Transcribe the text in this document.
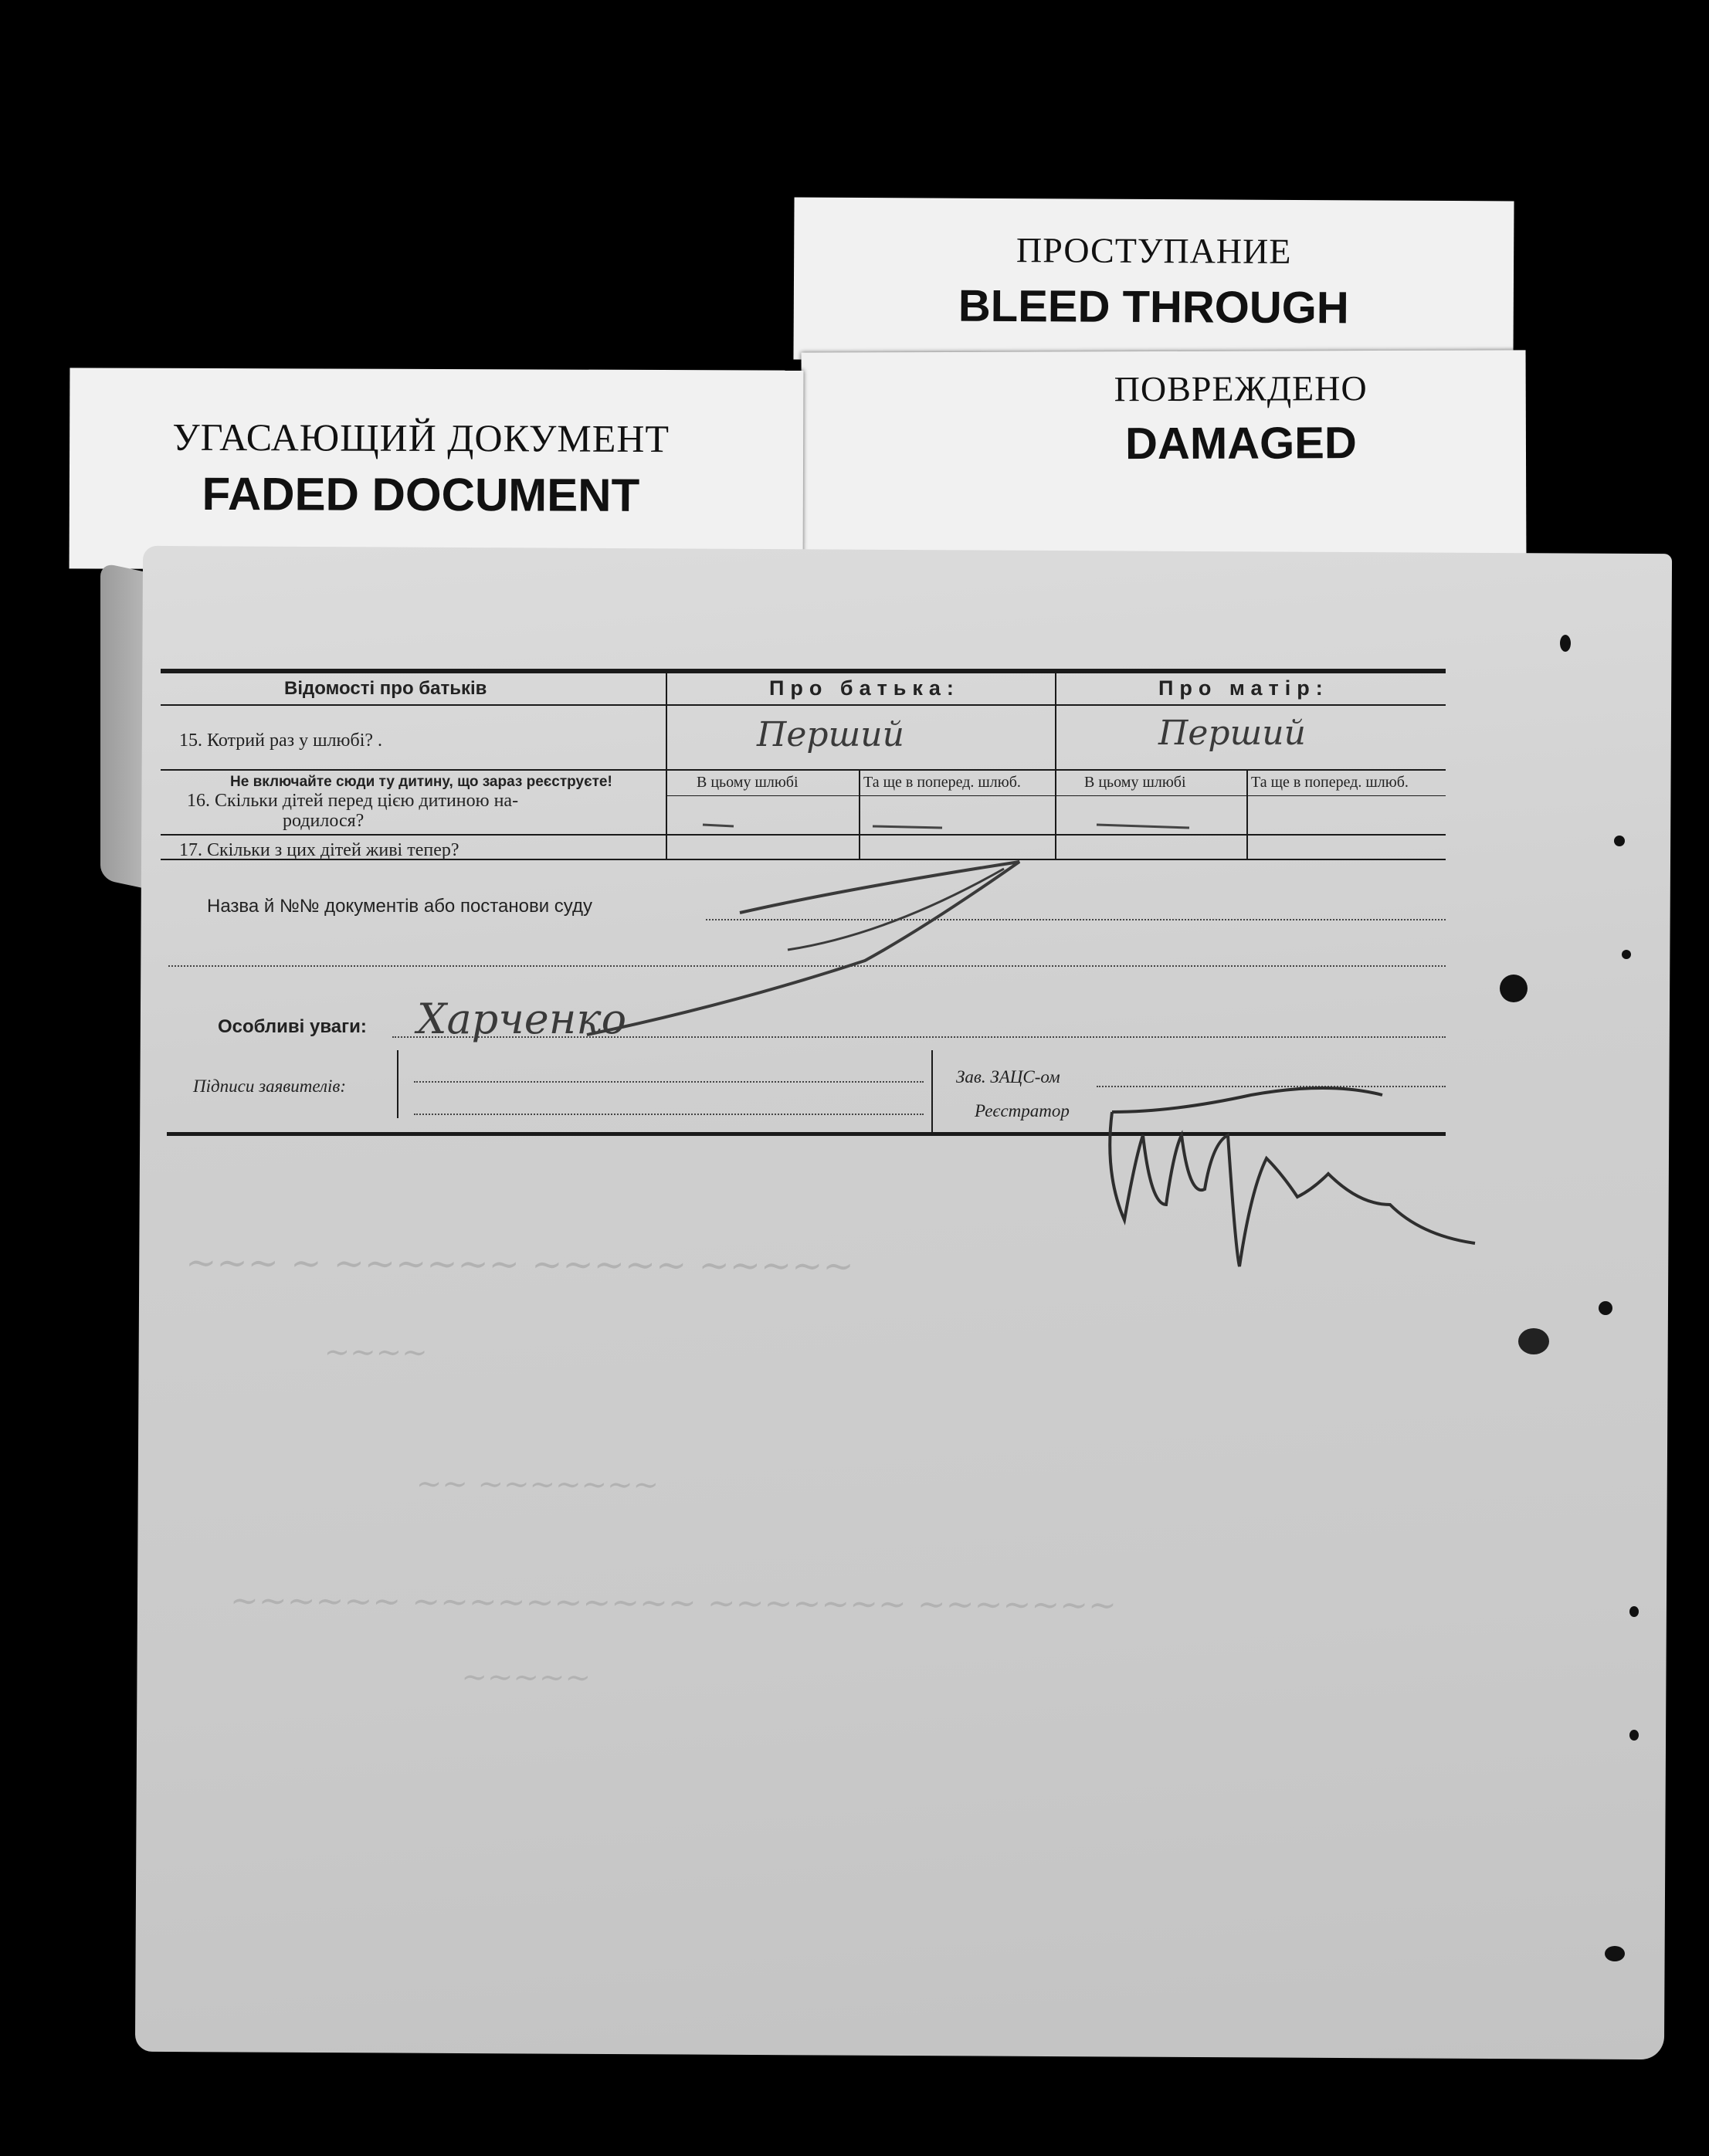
ПРОСТУПАНИЕ
BLEED THROUGH
ПОВРЕЖДЕНО
DAMAGED
УГАСАЮЩИЙ ДОКУМЕНТ
FADED DOCUMENT
~~~ ~ ~~~~~~ ~~~~~ ~~~~~
~~~~
~~ ~~~~~~~
~~~~~~ ~~~~~~~~~~ ~~~~~~~ ~~~~~~~
~~~~~
Відомості про батьків	Про батька:	Про матір:
15. Котрий раз у шлюбі? .	Перший	Перший
Не включайте сюди ту дитину, що зараз реєструєте!
16. Скільки дітей перед цією дитиною на-
родилося?
В цьому шлюбі	Та ще в попеpед. шлюб.	В цьому шлюбі	Та ще в попеpед. шлюб.
17. Скільки з цих дітей живі тепер?
Назва й №№ документів або постанови суду
Особливі уваги: Харченко
Підписи заявителів:	Зав. ЗАЦС-ом
Реєстратор
